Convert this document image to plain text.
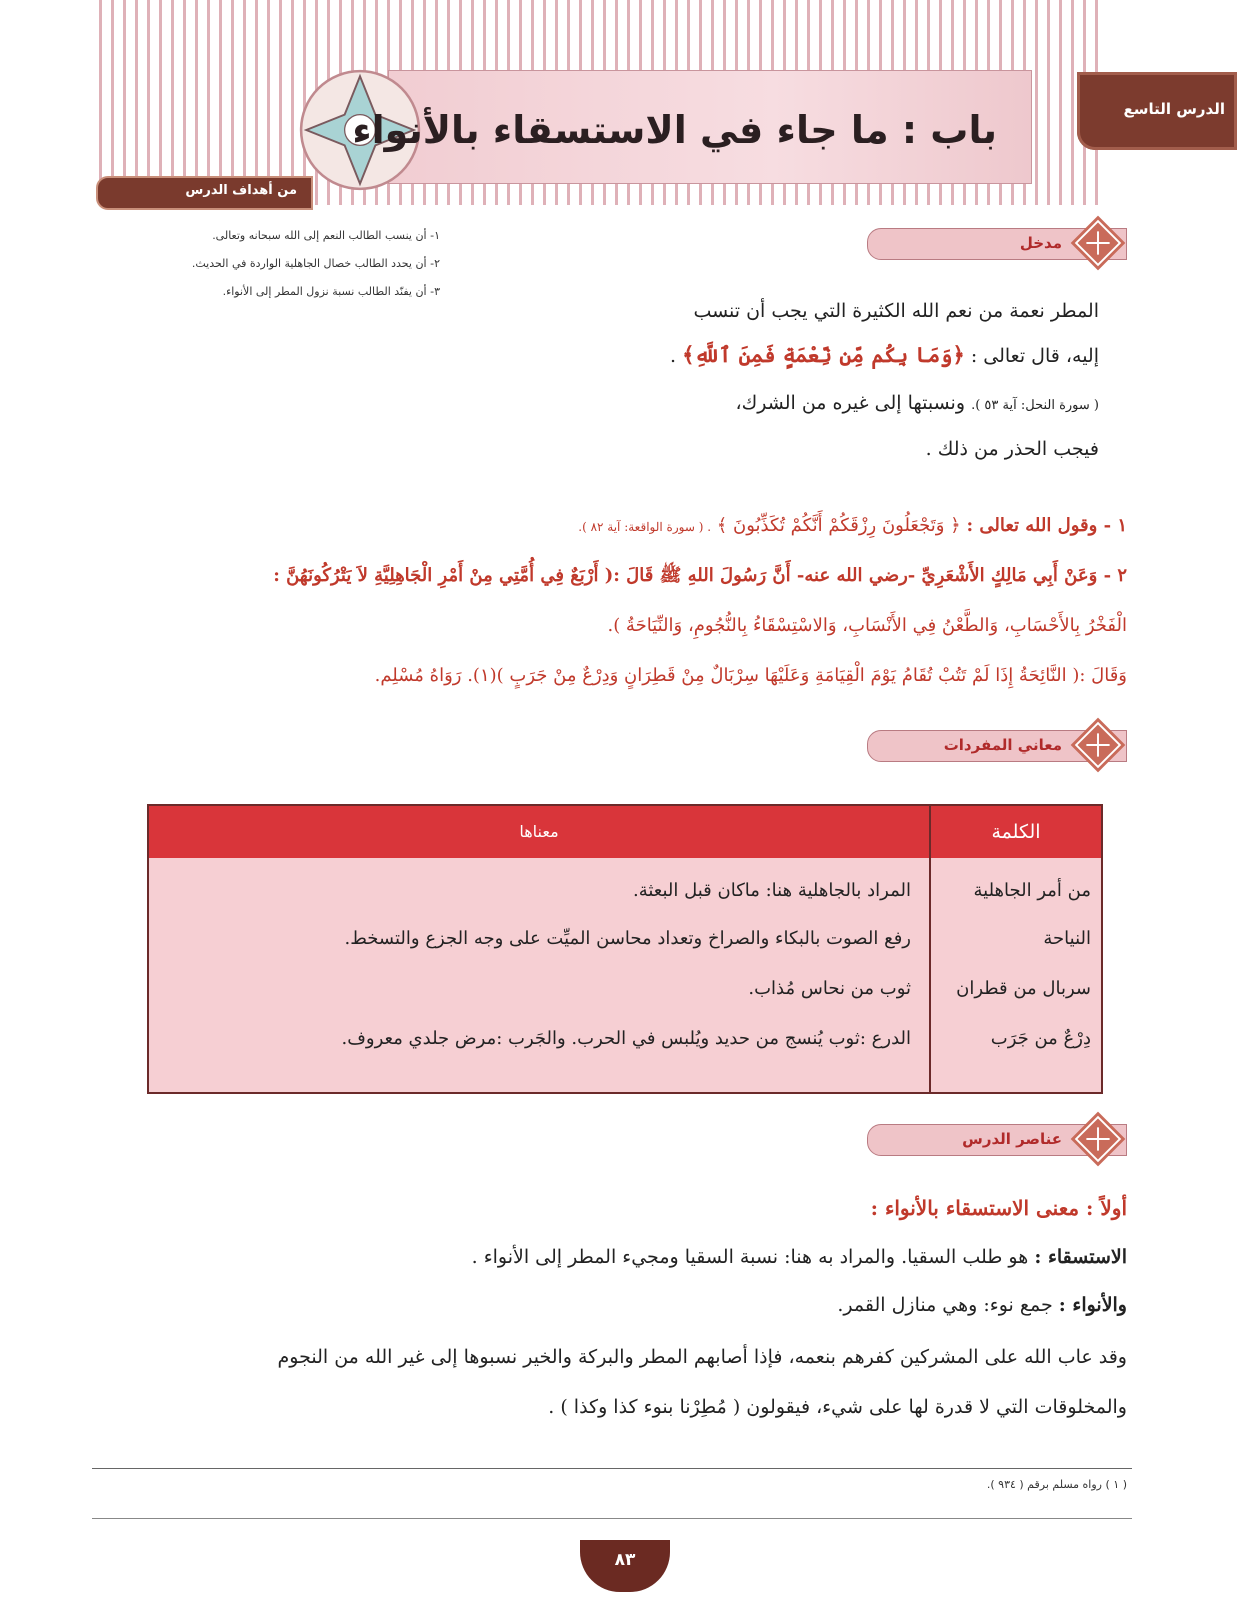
باب : ما جاء في الاستسقاء بالأنواء	الدرس التاسع
من أهداف الدرس
١- أن ينسب الطالب النعم إلى الله سبحانه وتعالى.
٢- أن يحدد الطالب خصال الجاهلية الواردة في الحديث.
٣- أن يفنّد الطالب نسبة نزول المطر إلى الأنواء.
مدخل
المطر نعمة من نعم الله الكثيرة التي يجب أن تنسب
إليه، قال تعالى : ﴿وَمَا بِكُم مِّن نِّعْمَةٍ فَمِنَ ٱللَّهِ﴾ .
( سورة النحل: آية ٥٣ ). ونسبتها إلى غيره من الشرك،
فيجب الحذر من ذلك .
١ - وقول الله تعالى : ﴿ وَتَجْعَلُونَ رِزْقَكُمْ أَنَّكُمْ تُكَذِّبُونَ ﴾ . ( سورة الواقعة: آية ٨٢ ).
٢ - وَعَنْ أَبِي مَالِكٍ الأَشْعَرِيِّ -رضي الله عنه- أَنَّ رَسُولَ اللهِ ﷺ قَالَ :( أَرْبَعٌ فِي أُمَّتِي مِنْ أَمْرِ الْجَاهِلِيَّةِ لاَ يَتْرُكُونَهُنَّ :
الْفَخْرُ بِالأَحْسَابِ، وَالطَّعْنُ فِي الأَنْسَابِ، وَالاسْتِسْقَاءُ بِالنُّجُومِ، وَالنِّيَاحَةُ ).
وَقَالَ :( النَّائِحَةُ إِذَا لَمْ تَتُبْ تُقَامُ يَوْمَ الْقِيَامَةِ وَعَلَيْهَا سِرْبَالٌ مِنْ قَطِرَانٍ وَدِرْعٌ مِنْ جَرَبٍ )(١). رَوَاهُ مُسْلِم.
معاني المفردات
الكلمة
معناها
من أمر الجاهلية
المراد بالجاهلية هنا: ماكان قبل البعثة.
النياحة
رفع الصوت بالبكاء والصراخ وتعداد محاسن الميِّت على وجه الجزع والتسخط.
سربال من قطران
ثوب من نحاس مُذاب.
دِرْعٌ من جَرَب
الدرع :ثوب يُنسج من حديد ويُلبس في الحرب. والجَرب :مرض جلدي معروف.
عناصر الدرس
أولاً : معنى الاستسقاء بالأنواء :
الاستسقاء : هو طلب السقيا. والمراد به هنا: نسبة السقيا ومجيء المطر إلى الأنواء .
والأنواء : جمع نوء: وهي منازل القمر.
وقد عاب الله على المشركين كفرهم بنعمه، فإذا أصابهم المطر والبركة والخير نسبوها إلى غير الله من النجوم
والمخلوقات التي لا قدرة لها على شيء، فيقولون ( مُطِرْنا بنوء كذا وكذا ) .
( ١ ) رواه مسلم برقم ( ٩٣٤ ).
٨٣
